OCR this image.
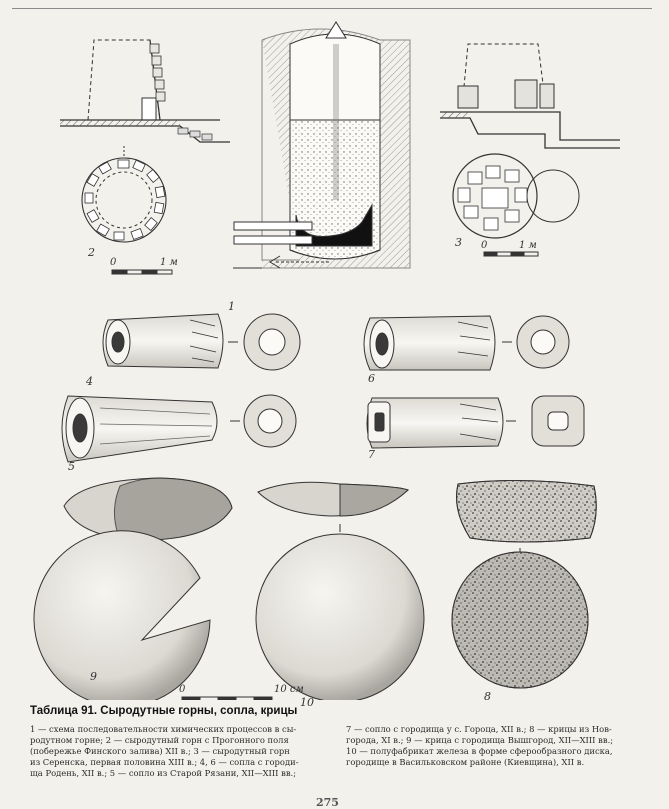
1
2
3
4
5
6
7
8
9
10
0	1 м
0	1 м
0	10 см
Таблица 91. Сыродутные горны, сопла, крицы
1 — схема последовательности химических процессов в сы-
родутном горне; 2 — сыродутный горн с Прогонного поля
(побережье Финского залива) XII в.; 3 — сыродутный горн
из Серенска, первая половина XIII в.; 4, 6 — сопла с городи-
ща Родень, XII в.; 5 — сопло из Старой Рязани, XII—XIII вв.;
7 — сопло с городища у с. Гороца, XII в.; 8 — крицы из Нов-
города, XI в.; 9 — крица с городища Вышгород, XII—XIII вв.;
10 — полуфабрикат железа в форме сферообразного диска,
городище в Васильковском районе (Киевщина), XII в.
275
